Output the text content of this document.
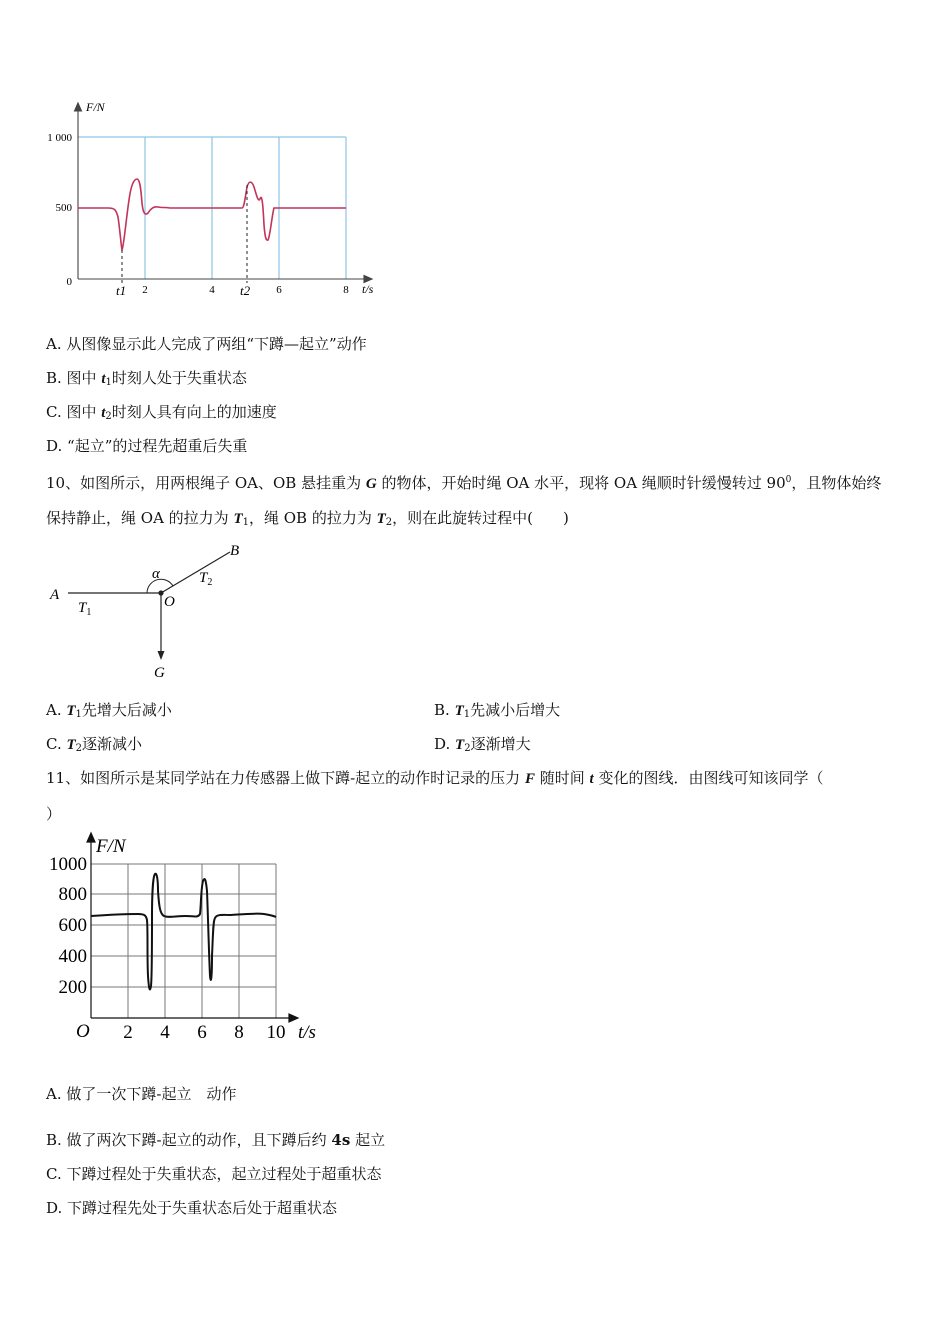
1 000
500
0
2	4	6	8
F/N
t/s
t1	t2
A. 从图像显示此人完成了两组“下蹲—起立”动作
B. 图中 $t_1$时刻人处于失重状态
C. 图中 $t_2$时刻人具有向上的加速度
D. “起立”的过程先超重后失重
10、如图所示，用两根绳子 OA、OB 悬挂重为 G 的物体，开始时绳 OA 水平，现将 OA 绳顺时针缓慢转过 $90^0$，且物体始终
保持静止，绳 OA 的拉力为 $T_1$，绳 OB 的拉力为 $T_2$，则在此旋转过程中(　　)
A
B
O
G
α
$T_1$
$T_2$
A. $T_1$先增大后减小	B. $T_1$先减小后增大
C. $T_2$逐渐减小	D. $T_2$逐渐增大
11、如图所示是某同学站在力传感器上做下蹲-起立的动作时记录的压力 F 随时间 t 变化的图线．由图线可知该同学（
）
F/N
1000
800
600
400
200
O 2 4 6 8 10 t/s
A. 做了一次下蹲-起立　动作
B. 做了两次下蹲-起立的动作，且下蹲后约 4s 起立
C. 下蹲过程处于失重状态，起立过程处于超重状态
D. 下蹲过程先处于失重状态后处于超重状态
